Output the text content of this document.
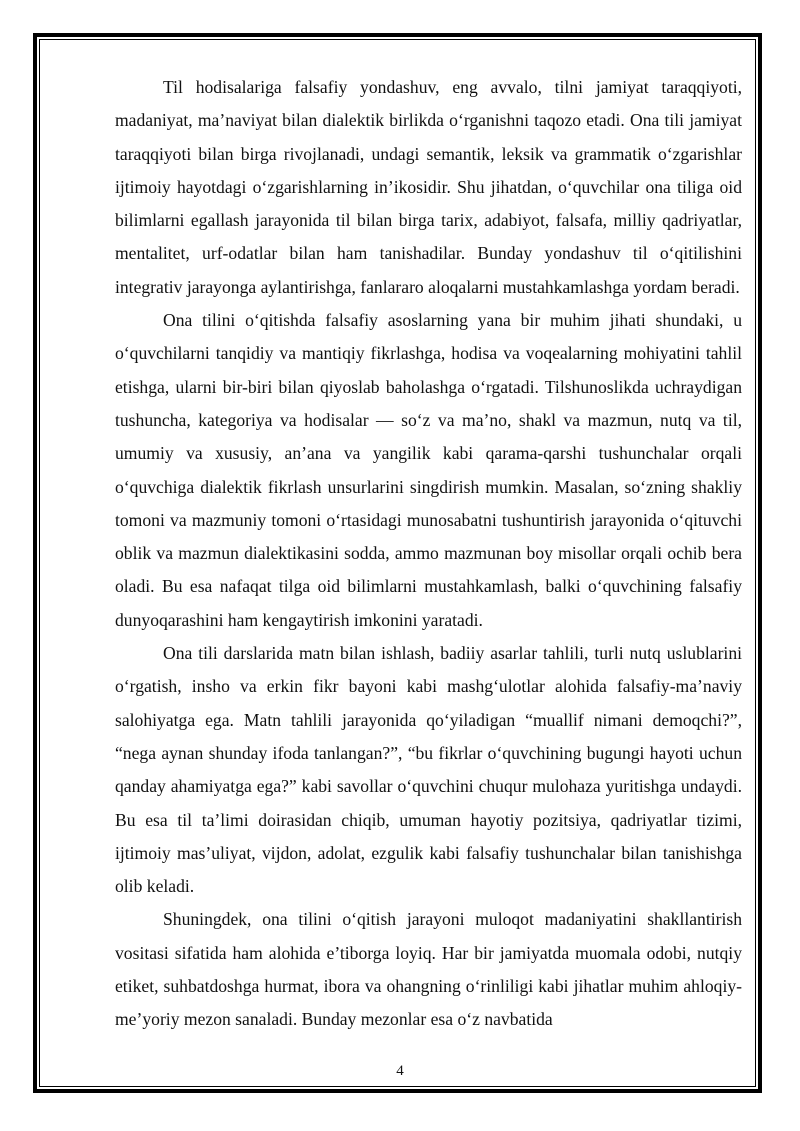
Til hodisalariga falsafiy yondashuv, eng avvalo, tilni jamiyat taraqqiyoti, madaniyat, ma’naviyat bilan dialektik birlikda o‘rganishni taqozo etadi. Ona tili jamiyat taraqqiyoti bilan birga rivojlanadi, undagi semantik, leksik va grammatik o‘zgarishlar ijtimoiy hayotdagi o‘zgarishlarning in’ikosidir. Shu jihatdan, o‘quvchilar ona tiliga oid bilimlarni egallash jarayonida til bilan birga tarix, adabiyot, falsafa, milliy qadriyatlar, mentalitet, urf-odatlar bilan ham tanishadilar. Bunday yondashuv til o‘qitilishini integrativ jarayonga aylantirishga, fanlararo aloqalarni mustahkamlashga yordam beradi.

Ona tilini o‘qitishda falsafiy asoslarning yana bir muhim jihati shundaki, u o‘quvchilarni tanqidiy va mantiqiy fikrlashga, hodisa va voqealarning mohiyatini tahlil etishga, ularni bir-biri bilan qiyoslab baholashga o‘rgatadi. Tilshunoslikda uchraydigan tushuncha, kategoriya va hodisalar — so‘z va ma’no, shakl va mazmun, nutq va til, umumiy va xususiy, an’ana va yangilik kabi qarama-qarshi tushunchalar orqali o‘quvchiga dialektik fikrlash unsurlarini singdirish mumkin. Masalan, so‘zning shakliy tomoni va mazmuniy tomoni o‘rtasidagi munosabatni tushuntirish jarayonida o‘qituvchi oblik va mazmun dialektikasini sodda, ammo mazmunan boy misollar orqali ochib bera oladi. Bu esa nafaqat tilga oid bilimlarni mustahkamlash, balki o‘quvchining falsafiy dunyoqarashini ham kengaytirish imkonini yaratadi.

Ona tili darslarida matn bilan ishlash, badiiy asarlar tahlili, turli nutq uslublarini o‘rgatish, insho va erkin fikr bayoni kabi mashg‘ulotlar alohida falsafiy-ma’naviy salohiyatga ega. Matn tahlili jarayonida qo‘yiladigan “muallif nimani demoqchi?”, “nega aynan shunday ifoda tanlangan?”, “bu fikrlar o‘quvchining bugungi hayoti uchun qanday ahamiyatga ega?” kabi savollar o‘quvchini chuqur mulohaza yuritishga undaydi. Bu esa til ta’limi doirasidan chiqib, umuman hayotiy pozitsiya, qadriyatlar tizimi, ijtimoiy mas’uliyat, vijdon, adolat, ezgulik kabi falsafiy tushunchalar bilan tanishishga olib keladi.

Shuningdek, ona tilini o‘qitish jarayoni muloqot madaniyatini shakllantirish vositasi sifatida ham alohida e’tiborga loyiq. Har bir jamiyatda muomala odobi, nutqiy etiket, suhbatdoshga hurmat, ibora va ohangning o‘rinliligi kabi jihatlar muhim ahloqiy-me’yoriy mezon sanaladi. Bunday mezonlar esa o‘z navbatida

4
